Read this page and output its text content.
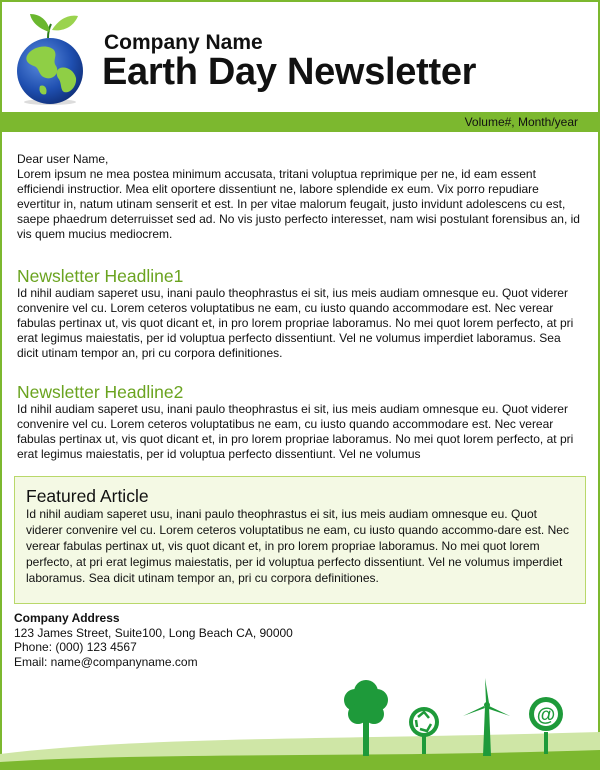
Company Name
Earth Day Newsletter
Volume#, Month/year

Dear user Name,

Lorem ipsum ne mea postea minimum accusata, tritani voluptua reprimique per ne, id eam essent efficiendi instructior. Mea elit oportere dissentiunt ne, labore splendide ex eum. Vix porro repudiare evertitur in, natum utinam senserit et est. In per vitae malorum feugait, justo invidunt adolescens cu est, saepe phaedrum deterruisset sed ad. No vis justo perfecto interesset, nam wisi postulant forensibus an, id vis quem mucius mediocrem.

Newsletter Headline1

Id nihil audiam saperet usu, inani paulo theophrastus ei sit, ius meis audiam omnesque eu. Quot viderer convenire vel cu. Lorem ceteros voluptatibus ne eam, cu iusto quando accommodare est. Nec verear fabulas pertinax ut, vis quot dicant et, in pro lorem propriae laboramus. No mei quot lorem perfecto, at pri erat legimus maiestatis, per id voluptua perfecto dissentiunt. Vel ne volumus imperdiet laboramus. Sea dicit utinam tempor an, pri cu corpora definitiones.

Newsletter Headline2

Id nihil audiam saperet usu, inani paulo theophrastus ei sit, ius meis audiam omnesque eu. Quot viderer convenire vel cu. Lorem ceteros voluptatibus ne eam, cu iusto quando accommodare est. Nec verear fabulas pertinax ut, vis quot dicant et, in pro lorem propriae laboramus. No mei quot lorem perfecto, at pri erat legimus maiestatis, per id voluptua perfecto dissentiunt. Vel ne volumus

Featured Article

Id nihil audiam saperet usu, inani paulo theophrastus ei sit, ius meis audiam omnesque eu. Quot viderer convenire vel cu. Lorem ceteros voluptatibus ne eam, cu iusto quando accommo-dare est. Nec verear fabulas pertinax ut, vis quot dicant et, in pro lorem propriae laboramus. No mei quot lorem perfecto, at pri erat legimus maiestatis, per id voluptua perfecto dissentiunt. Vel ne volumus imperdiet laboramus. Sea dicit utinam tempor an, pri cu corpora definitiones.

Company Address
123 James Street, Suite100, Long Beach CA, 90000
Phone: (000) 123 4567
Email: name@companyname.com
@
